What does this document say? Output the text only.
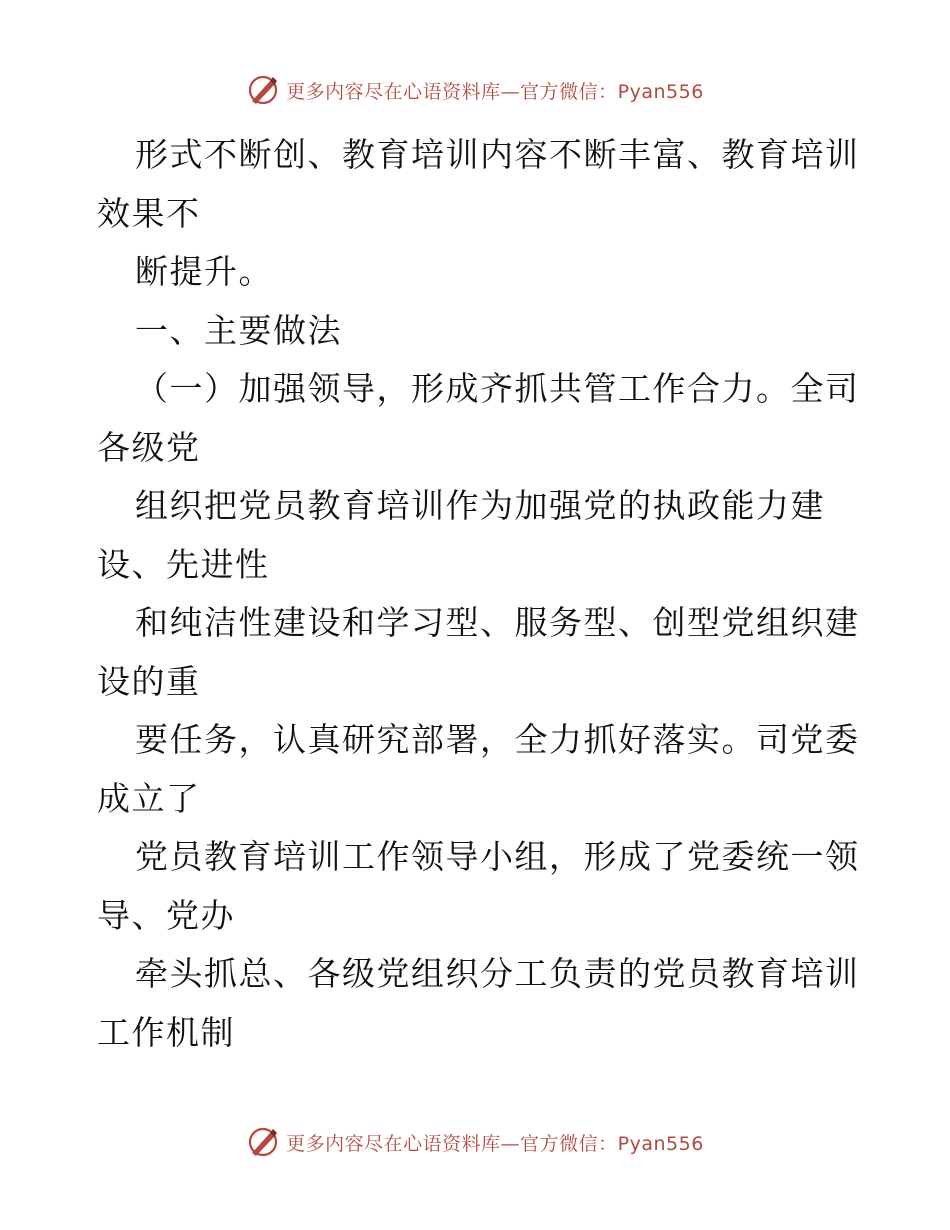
更多内容尽在心语资料库—官方微信：Pyan556
形式不断创、教育培训内容不断丰富、教育培训
效果不
断提升。
一、主要做法
（一）加强领导，形成齐抓共管工作合力。全司
各级党
组织把党员教育培训作为加强党的执政能力建
设、先进性
和纯洁性建设和学习型、服务型、创型党组织建
设的重
要任务，认真研究部署，全力抓好落实。司党委
成立了
党员教育培训工作领导小组，形成了党委统一领
导、党办
牵头抓总、各级党组织分工负责的党员教育培训
工作机制
更多内容尽在心语资料库—官方微信：Pyan556
